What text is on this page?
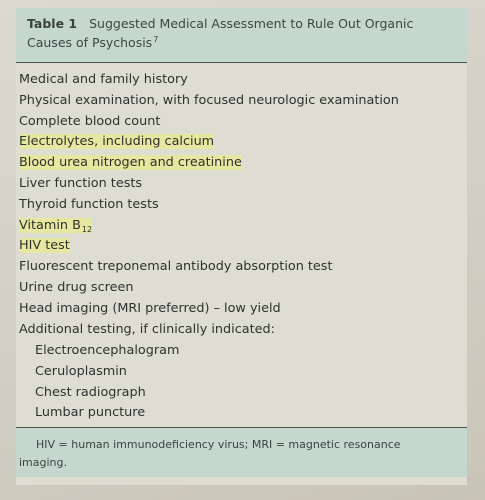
Table 1 Suggested Medical Assessment to Rule Out Organic
Causes of Psychosis$^7$
Medical and family history
Physical examination, with focused neurologic examination
Complete blood count
Electrolytes, including calcium
Blood urea nitrogen and creatinine
Liver function tests
Thyroid function tests
Vitamin $B_{12}$
HIV test
Fluorescent treponemal antibody absorption test
Urine drug screen
Head imaging (MRI preferred) – low yield
Additional testing, if clinically indicated:
Electroencephalogram
Ceruloplasmin
Chest radiograph
Lumbar puncture
HIV = human immunodeficiency virus; MRI = magnetic resonance
imaging.
